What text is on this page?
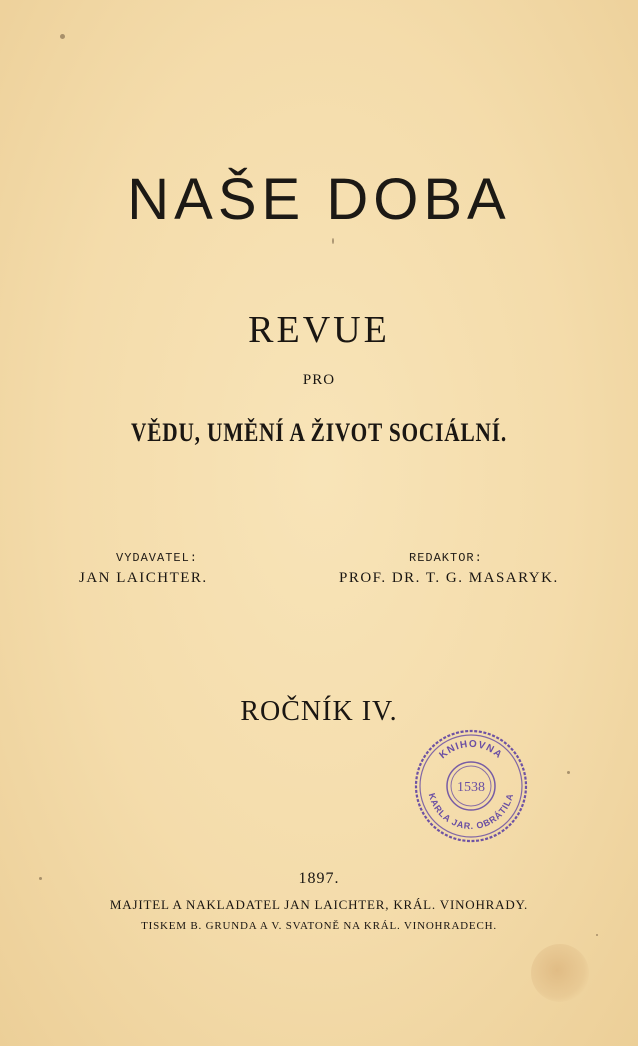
NAŠE DOBA
REVUE
PRO
VĚDU, UMĚNÍ A ŽIVOT SOCIÁLNÍ.
VYDAVATEL:
JAN LAICHTER.
REDAKTOR:
PROF. DR. T. G. MASARYK.
ROČNÍK IV.
KNIHOVNA
KARLA JAR. OBRÁTILA
1538
1897.
MAJITEL A NAKLADATEL JAN LAICHTER, KRÁL. VINOHRADY.
TISKEM B. GRUNDA A V. SVATONĚ NA KRÁL. VINOHRADECH.
